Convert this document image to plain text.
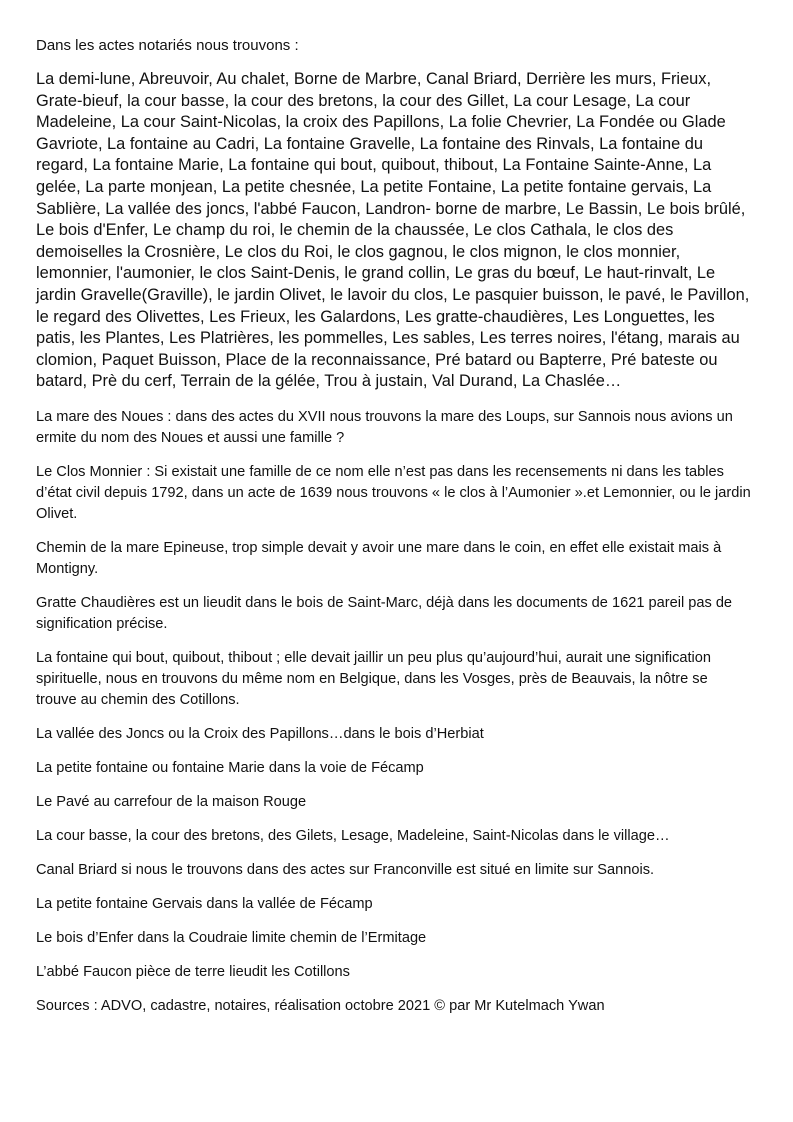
Dans les actes notariés nous trouvons :

La demi-lune, Abreuvoir, Au chalet, Borne de Marbre, Canal Briard, Derrière les murs, Frieux, Grate-bieuf, la cour basse, la cour des bretons, la cour des Gillet, La cour Lesage, La cour Madeleine, La cour Saint-Nicolas, la croix des Papillons, La folie Chevrier, La Fondée ou Glade Gavriote, La fontaine au Cadri, La fontaine Gravelle, La fontaine des Rinvals, La fontaine du regard, La fontaine Marie, La fontaine qui bout, quibout, thibout, La Fontaine Sainte-Anne, La gelée, La parte monjean, La petite chesnée, La petite Fontaine, La petite fontaine gervais, La Sablière, La vallée des joncs, l'abbé Faucon, Landron- borne de marbre, Le Bassin, Le bois brûlé, Le bois d'Enfer, Le champ du roi, le chemin de la chaussée, Le clos Cathala, le clos des demoiselles la Crosnière, Le clos du Roi, le clos gagnou, le clos mignon, le clos monnier, lemonnier, l'aumonier, le clos Saint-Denis, le grand collin, Le gras du bœuf, Le haut-rinvalt, Le jardin Gravelle(Graville), le jardin Olivet, le lavoir du clos, Le pasquier buisson, le pavé, le Pavillon, le regard des Olivettes, Les Frieux, les Galardons, Les gratte-chaudières, Les Longuettes, les patis, les Plantes, Les Platrières, les pommelles, Les sables, Les terres noires, l'étang, marais au clomion, Paquet Buisson, Place de la reconnaissance, Pré batard ou Bapterre, Pré bateste ou batard, Prè du cerf, Terrain de la gélée, Trou à justain, Val Durand, La Chaslée…

La mare des Noues : dans des actes du XVII nous trouvons la mare des Loups, sur Sannois nous avions un ermite du nom des Noues et aussi une famille ?

Le Clos Monnier : Si existait une famille de ce nom elle n’est pas dans les recensements ni dans les tables d’état civil depuis 1792, dans un acte de 1639 nous trouvons « le clos à l’Aumonier ».et Lemonnier, ou le jardin Olivet.

Chemin de la mare Epineuse, trop simple devait y avoir une mare dans le coin, en effet elle existait mais à Montigny.

Gratte Chaudières est un lieudit dans le bois de Saint-Marc, déjà dans les documents de 1621 pareil pas de signification précise.

La fontaine qui bout, quibout, thibout ; elle devait jaillir un peu plus qu’aujourd’hui, aurait une signification spirituelle, nous en trouvons du même nom en Belgique, dans les Vosges, près de Beauvais, la nôtre se trouve au chemin des Cotillons.

La vallée des Joncs ou la Croix des Papillons…dans le bois d’Herbiat

La petite fontaine ou fontaine Marie dans la voie de Fécamp

Le Pavé au carrefour de la maison Rouge

La cour basse, la cour des bretons, des Gilets, Lesage, Madeleine, Saint-Nicolas dans le village…

Canal Briard si nous le trouvons dans des actes sur Franconville est situé en limite sur Sannois.

La petite fontaine Gervais dans la vallée de Fécamp

Le bois d’Enfer dans la Coudraie limite chemin de l’Ermitage

L’abbé Faucon pièce de terre lieudit les Cotillons

Sources : ADVO, cadastre, notaires, réalisation octobre 2021 © par Mr Kutelmach Ywan
